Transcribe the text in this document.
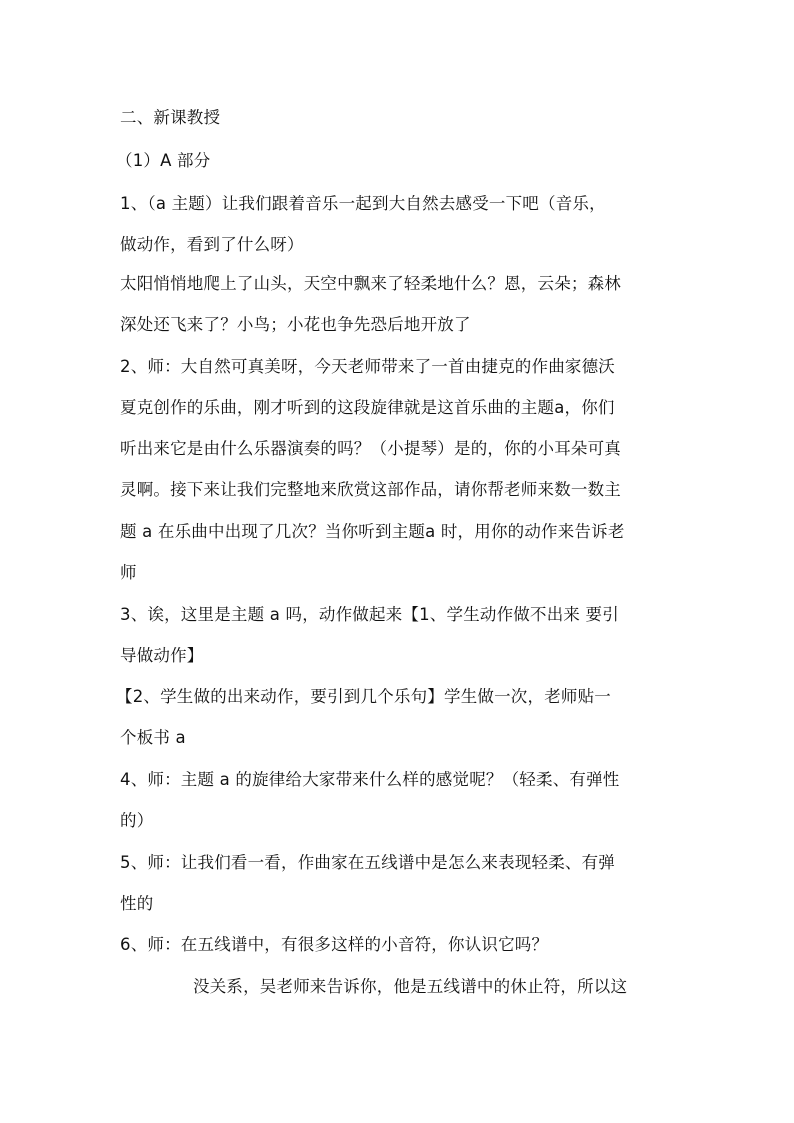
二、新课教授
（1）A 部分
1、（a 主题）让我们跟着音乐一起到大自然去感受一下吧（音乐，
做动作，看到了什么呀）
太阳悄悄地爬上了山头，天空中飘来了轻柔地什么？恩，云朵；森林
深处还飞来了？小鸟；小花也争先恐后地开放了
2、师：大自然可真美呀，今天老师带来了一首由捷克的作曲家德沃
夏克创作的乐曲，刚才听到的这段旋律就是这首乐曲的主题a，你们
听出来它是由什么乐器演奏的吗？（小提琴）是的，你的小耳朵可真
灵啊。接下来让我们完整地来欣赏这部作品，请你帮老师来数一数主
题 a 在乐曲中出现了几次？当你听到主题a 时，用你的动作来告诉老
师
3、诶，这里是主题 a 吗，动作做起来【1、学生动作做不出来 要引
导做动作】
【2、学生做的出来动作，要引到几个乐句】学生做一次，老师贴一
个板书 a
4、师：主题 a 的旋律给大家带来什么样的感觉呢？（轻柔、有弹性
的）
5、师：让我们看一看，作曲家在五线谱中是怎么来表现轻柔、有弹
性的
6、师：在五线谱中，有很多这样的小音符，你认识它吗？
没关系，吴老师来告诉你，他是五线谱中的休止符，所以这
